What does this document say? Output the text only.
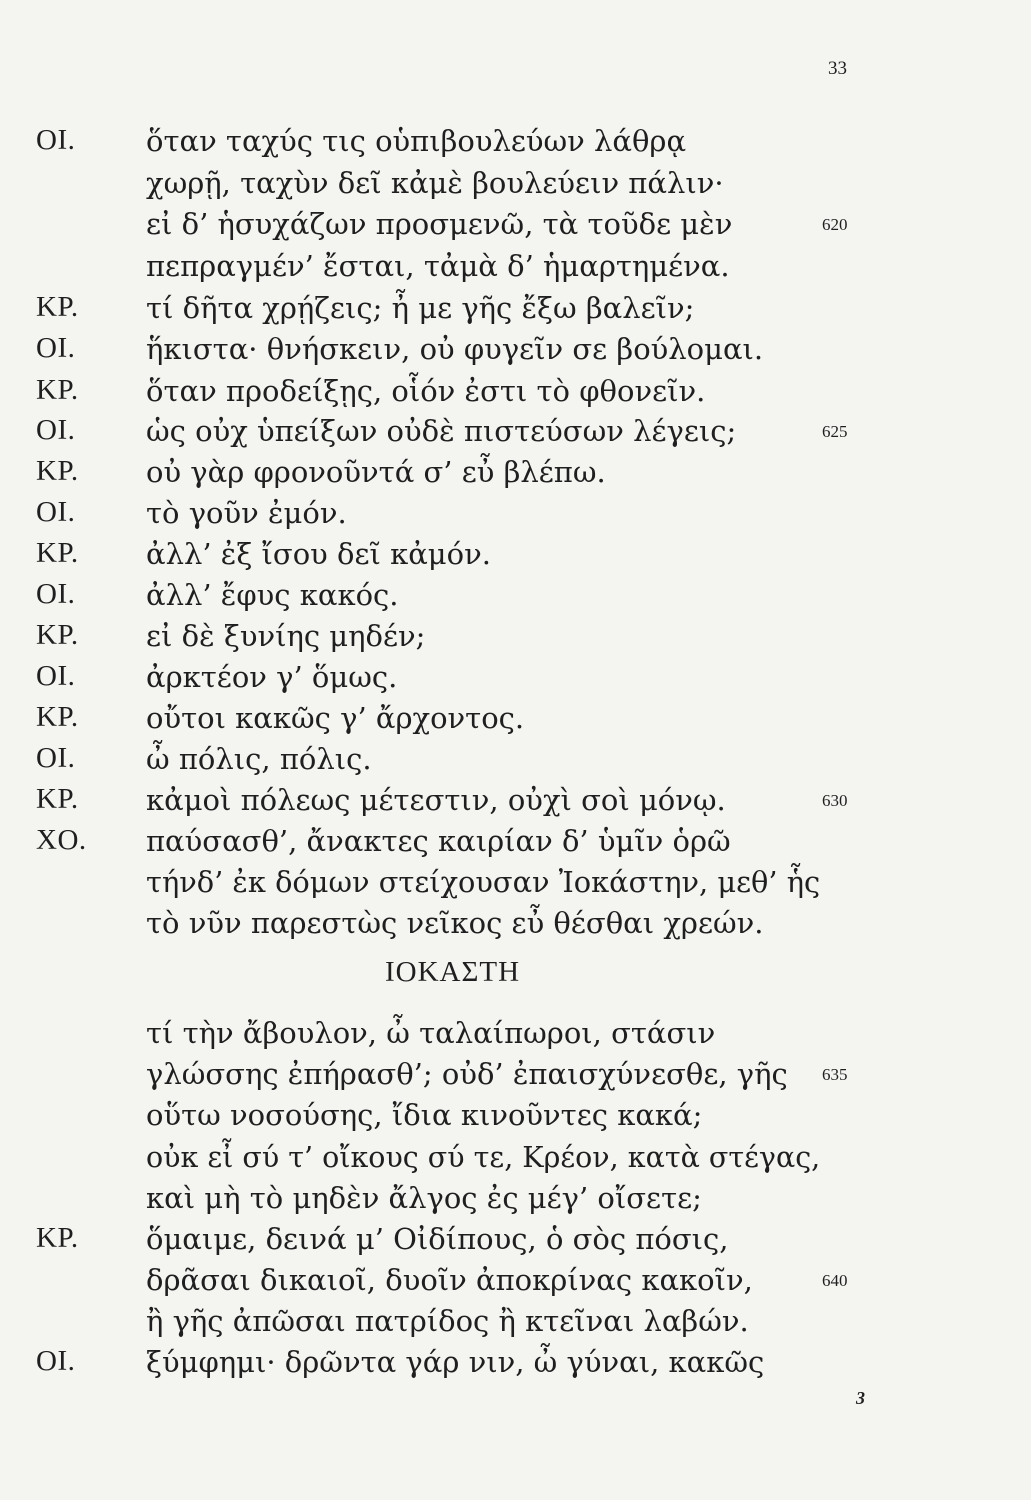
33
ΟΙ. ὅταν ταχύς τις οὑπιβουλεύων λάθρᾳ
χωρῇ, ταχὺν δεῖ κἀμὲ βουλεύειν πάλιν·
εἰ δ’ ἡσυχάζων προσμενῶ, τὰ τοῦδε μὲν	620
πεπραγμέν’ ἔσται, τἀμὰ δ’ ἡμαρτημένα.
ΚΡ. τί δῆτα χρῄζεις; ἦ με γῆς ἔξω βαλεῖν;
ΟΙ. ἥκιστα· θνήσκειν, οὐ φυγεῖν σε βούλομαι.
ΚΡ. ὅταν προδείξῃς, οἷόν ἐστι τὸ φθονεῖν.
ΟΙ. ὡς οὐχ ὑπείξων οὐδὲ πιστεύσων λέγεις;	625
ΚΡ. οὐ γὰρ φρονοῦντά σ’ εὖ βλέπω.
ΟΙ. τὸ γοῦν ἐμόν.
ΚΡ. ἀλλ’ ἐξ ἴσου δεῖ κἀμόν.
ΟΙ. ἀλλ’ ἔφυς κακός.
ΚΡ. εἰ δὲ ξυνίης μηδέν;
ΟΙ. ἀρκτέον γ’ ὅμως.
ΚΡ. οὔτοι κακῶς γ’ ἄρχοντος.
ΟΙ. ὦ πόλις, πόλις.
ΚΡ. κἀμοὶ πόλεως μέτεστιν, οὐχὶ σοὶ μόνῳ.	630
ΧΟ. παύσασθ’, ἄνακτες καιρίαν δ’ ὑμῖν ὁρῶ
τήνδ’ ἐκ δόμων στείχουσαν Ἰοκάστην, μεθ’ ἧς
τὸ νῦν παρεστὼς νεῖκος εὖ θέσθαι χρεών.
τί τὴν ἄβουλον, ὦ ταλαίπωροι, στάσιν
γλώσσης ἐπήρασθ’; οὐδ’ ἐπαισχύνεσθε, γῆς 635
οὕτω νοσούσης, ἴδια κινοῦντες κακά;
οὐκ εἶ σύ τ’ οἴκους σύ τε, Κρέον, κατὰ στέγας,
καὶ μὴ τὸ μηδὲν ἄλγος ἐς μέγ’ οἴσετε;
ΚΡ. ὅμαιμε, δεινά μ’ Οἰδίπους, ὁ σὸς πόσις,
δρᾶσαι δικαιοῖ, δυοῖν ἀποκρίνας κακοῖν,	640
ἢ γῆς ἀπῶσαι πατρίδος ἢ κτεῖναι λαβών.
ΟΙ. ξύμφημι· δρῶντα γάρ νιν, ὦ γύναι, κακῶς
ΙΟΚΑΣΤΗ
3
